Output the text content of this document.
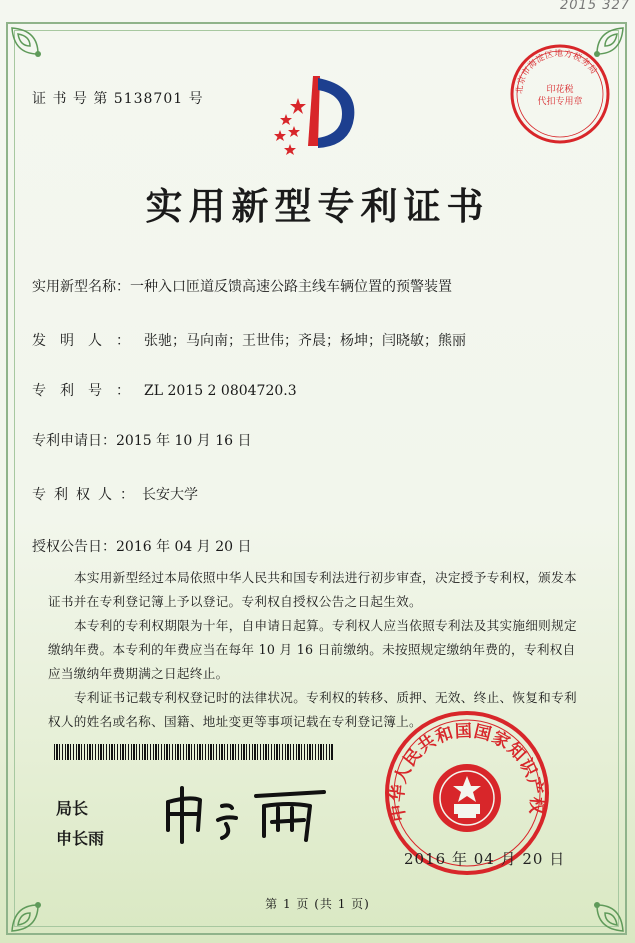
2015 327
证 书 号 第 5138701 号
北京市海淀区地方税务局
印花税
代扣专用章
实用新型专利证书
实用新型名称：一种入口匝道反馈高速公路主线车辆位置的预警装置
发明人：张驰；马向南；王世伟；齐晨；杨坤；闫晓敏；熊丽
专利号：ZL 2015 2 0804720.3
专利申请日：2015 年 10 月 16 日
专利权人：长安大学
授权公告日：2016 年 04 月 20 日

本实用新型经过本局依照中华人民共和国专利法进行初步审查，决定授予专利权，颁发本证书并在专利登记簿上予以登记。专利权自授权公告之日起生效。

本专利的专利权期限为十年，自申请日起算。专利权人应当依照专利法及其实施细则规定缴纳年费。本专利的年费应当在每年 10 月 16 日前缴纳。未按照规定缴纳年费的，专利权自应当缴纳年费期满之日起终止。

专利证书记载专利权登记时的法律状况。专利权的转移、质押、无效、终止、恢复和专利权人的姓名或名称、国籍、地址变更等事项记载在专利登记簿上。

局长
申长雨
中华人民共和国国家知识产权
2016 年 04 月 20 日
第 1 页 (共 1 页)
